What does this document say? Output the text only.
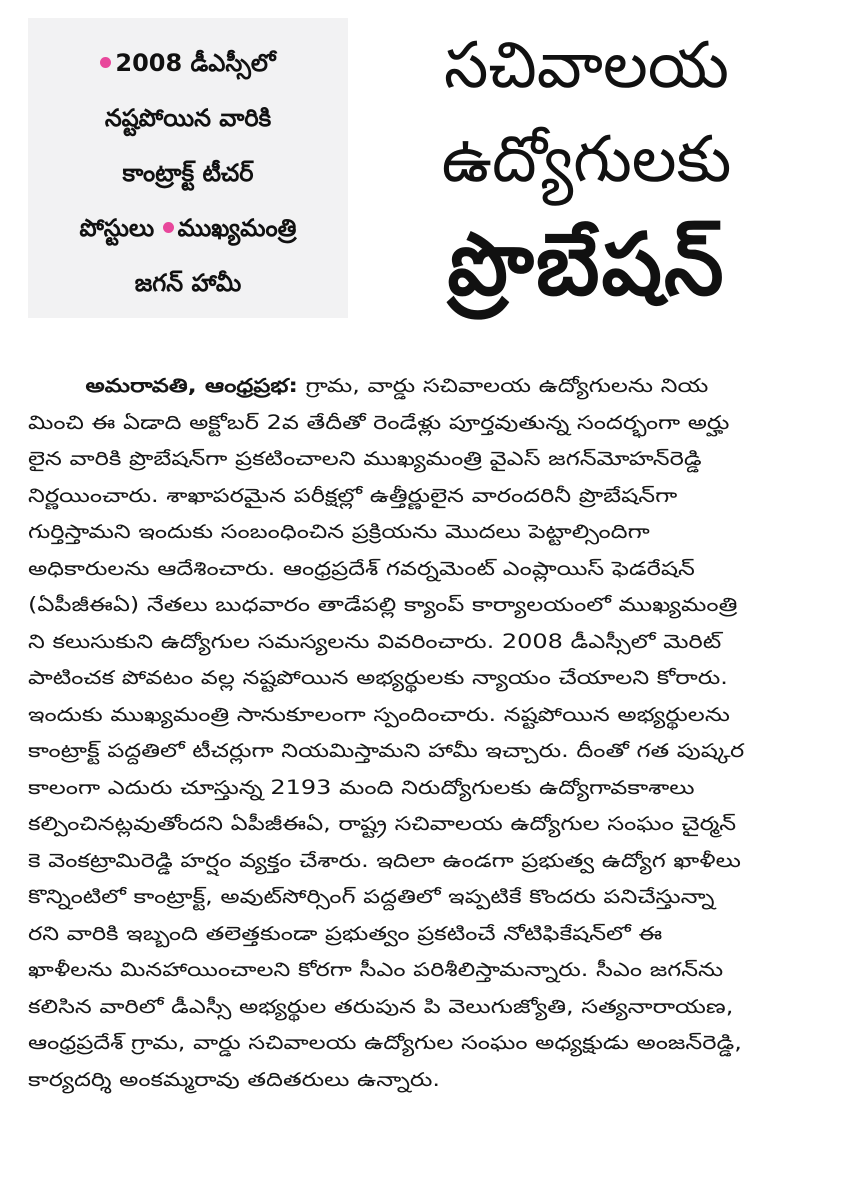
2008 డీఎస్సీలో
నష్టపోయిన వారికి
కాంట్రాక్ట్ టీచర్
పోస్టులు ముఖ్యమంత్రి
జగన్ హామీ
సచివాలయ
ఉద్యోగులకు
ప్రొబేషన్
అమరావతి, ఆంధ్రప్రభ: గ్రామ, వార్డు సచివాలయ ఉద్యోగులను నియ
మించి ఈ ఏడాది అక్టోబర్ 2వ తేదీతో రెండేళ్లు పూర్తవుతున్న సందర్భంగా అర్హు
లైన వారికి ప్రొబేషన్‌గా ప్రకటించాలని ముఖ్యమంత్రి వైఎస్ జగన్‌మోహన్‌రెడ్డి
నిర్ణయించారు. శాఖాపరమైన పరీక్షల్లో ఉత్తీర్ణులైన వారందరినీ ప్రొబేషన్‌గా
గుర్తిస్తామని ఇందుకు సంబంధించిన ప్రక్రియను మొదలు పెట్టాల్సిందిగా
అధికారులను ఆదేశించారు. ఆంధ్రప్రదేశ్ గవర్నమెంట్ ఎంప్లాయిస్ ఫెడరేషన్
(ఏపీజీఈఏ) నేతలు బుధవారం తాడేపల్లి క్యాంప్ కార్యాలయంలో ముఖ్యమంత్రి
ని కలుసుకుని ఉద్యోగుల సమస్యలను వివరించారు. 2008 డీఎస్సీలో మెరిట్
పాటించక పోవటం వల్ల నష్టపోయిన అభ్యర్థులకు న్యాయం చేయాలని కోరారు.
ఇందుకు ముఖ్యమంత్రి సానుకూలంగా స్పందించారు. నష్టపోయిన అభ్యర్థులను
కాంట్రాక్ట్ పద్దతిలో టీచర్లుగా నియమిస్తామని హామీ ఇచ్చారు. దీంతో గత పుష్కర
కాలంగా ఎదురు చూస్తున్న 2193 మంది నిరుద్యోగులకు ఉద్యోగావకాశాలు
కల్పించినట్లవుతోందని ఏపీజీఈఏ, రాష్ట్ర సచివాలయ ఉద్యోగుల సంఘం చైర్మన్
కె వెంకట్రామిరెడ్డి హర్షం వ్యక్తం చేశారు. ఇదిలా ఉండగా ప్రభుత్వ ఉద్యోగ ఖాళీలు
కొన్నింటిలో కాంట్రాక్ట్, అవుట్‌సోర్సింగ్ పద్దతిలో ఇప్పటికే కొందరు పనిచేస్తున్నా
రని వారికి ఇబ్బంది తలెత్తకుండా ప్రభుత్వం ప్రకటించే నోటిఫికేషన్‌లో ఈ
ఖాళీలను మినహాయించాలని కోరగా సీఎం పరిశీలిస్తామన్నారు. సీఎం జగన్‌ను
కలిసిన వారిలో డీఎస్సీ అభ్యర్థుల తరుపున పి వెలుగుజ్యోతి, సత్యనారాయణ,
ఆంధ్రప్రదేశ్ గ్రామ, వార్డు సచివాలయ ఉద్యోగుల సంఘం అధ్యక్షుడు అంజన్‌రెడ్డి,
కార్యదర్శి అంకమ్మరావు తదితరులు ఉన్నారు.
